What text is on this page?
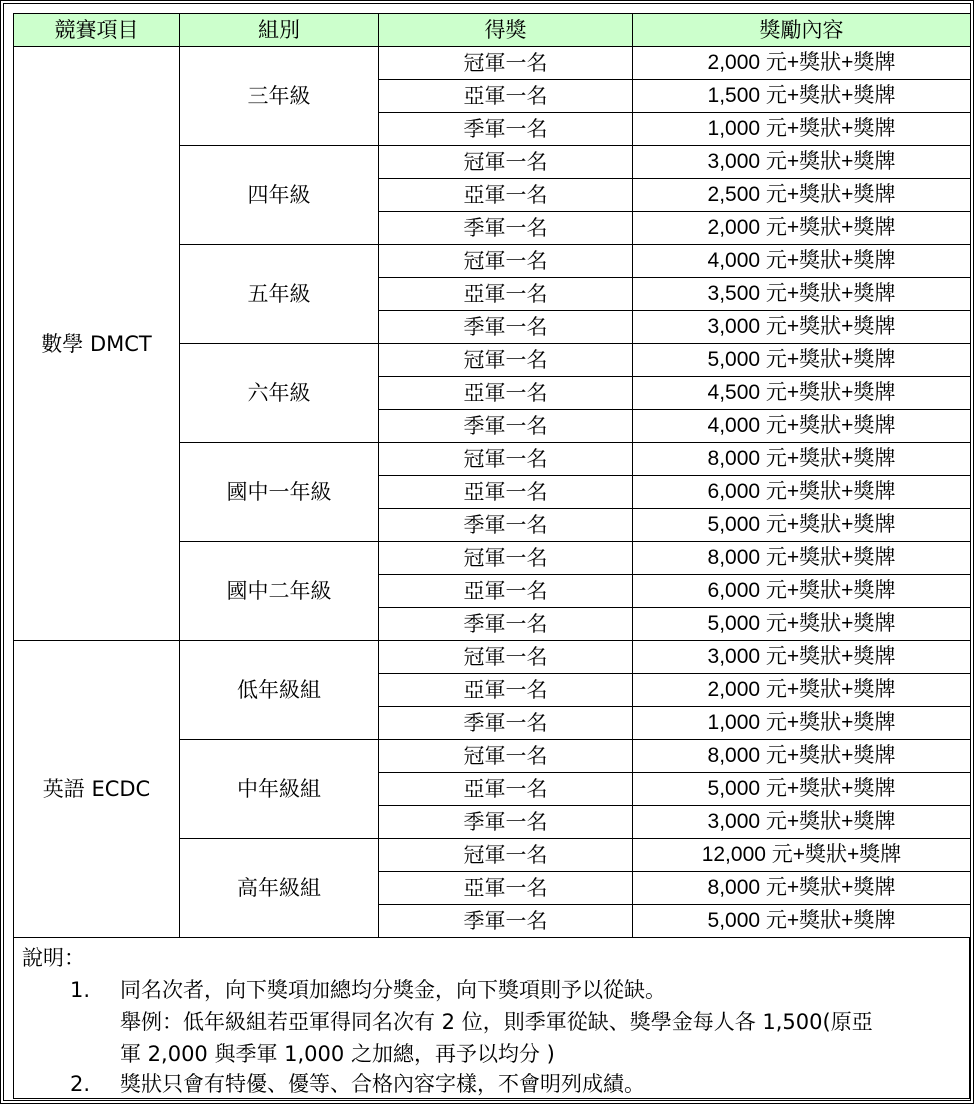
競賽項目	組別	得獎	獎勵內容
數學 DMCT	三年級	冠軍一名	2,000 元+獎狀+獎牌
		亞軍一名	1,500 元+獎狀+獎牌
		季軍一名	1,000 元+獎狀+獎牌
	四年級	冠軍一名	3,000 元+獎狀+獎牌
		亞軍一名	2,500 元+獎狀+獎牌
		季軍一名	2,000 元+獎狀+獎牌
	五年級	冠軍一名	4,000 元+獎狀+獎牌
		亞軍一名	3,500 元+獎狀+獎牌
		季軍一名	3,000 元+獎狀+獎牌
	六年級	冠軍一名	5,000 元+獎狀+獎牌
		亞軍一名	4,500 元+獎狀+獎牌
		季軍一名	4,000 元+獎狀+獎牌
	國中一年級	冠軍一名	8,000 元+獎狀+獎牌
		亞軍一名	6,000 元+獎狀+獎牌
		季軍一名	5,000 元+獎狀+獎牌
	國中二年級	冠軍一名	8,000 元+獎狀+獎牌
		亞軍一名	6,000 元+獎狀+獎牌
		季軍一名	5,000 元+獎狀+獎牌
英語 ECDC	低年級組	冠軍一名	3,000 元+獎狀+獎牌
		亞軍一名	2,000 元+獎狀+獎牌
		季軍一名	1,000 元+獎狀+獎牌
	中年級組	冠軍一名	8,000 元+獎狀+獎牌
		亞軍一名	5,000 元+獎狀+獎牌
		季軍一名	3,000 元+獎狀+獎牌
	高年級組	冠軍一名	12,000 元+獎狀+獎牌
		亞軍一名	8,000 元+獎狀+獎牌
		季軍一名	5,000 元+獎狀+獎牌
說明：
1. 同名次者，向下獎項加總均分獎金，向下獎項則予以從缺。
舉例：低年級組若亞軍得同名次有 2 位，則季軍從缺、獎學金每人各 1,500(原亞
軍 2,000 與季軍 1,000 之加總，再予以均分 )
2. 獎狀只會有特優、優等、合格內容字樣，不會明列成績。
